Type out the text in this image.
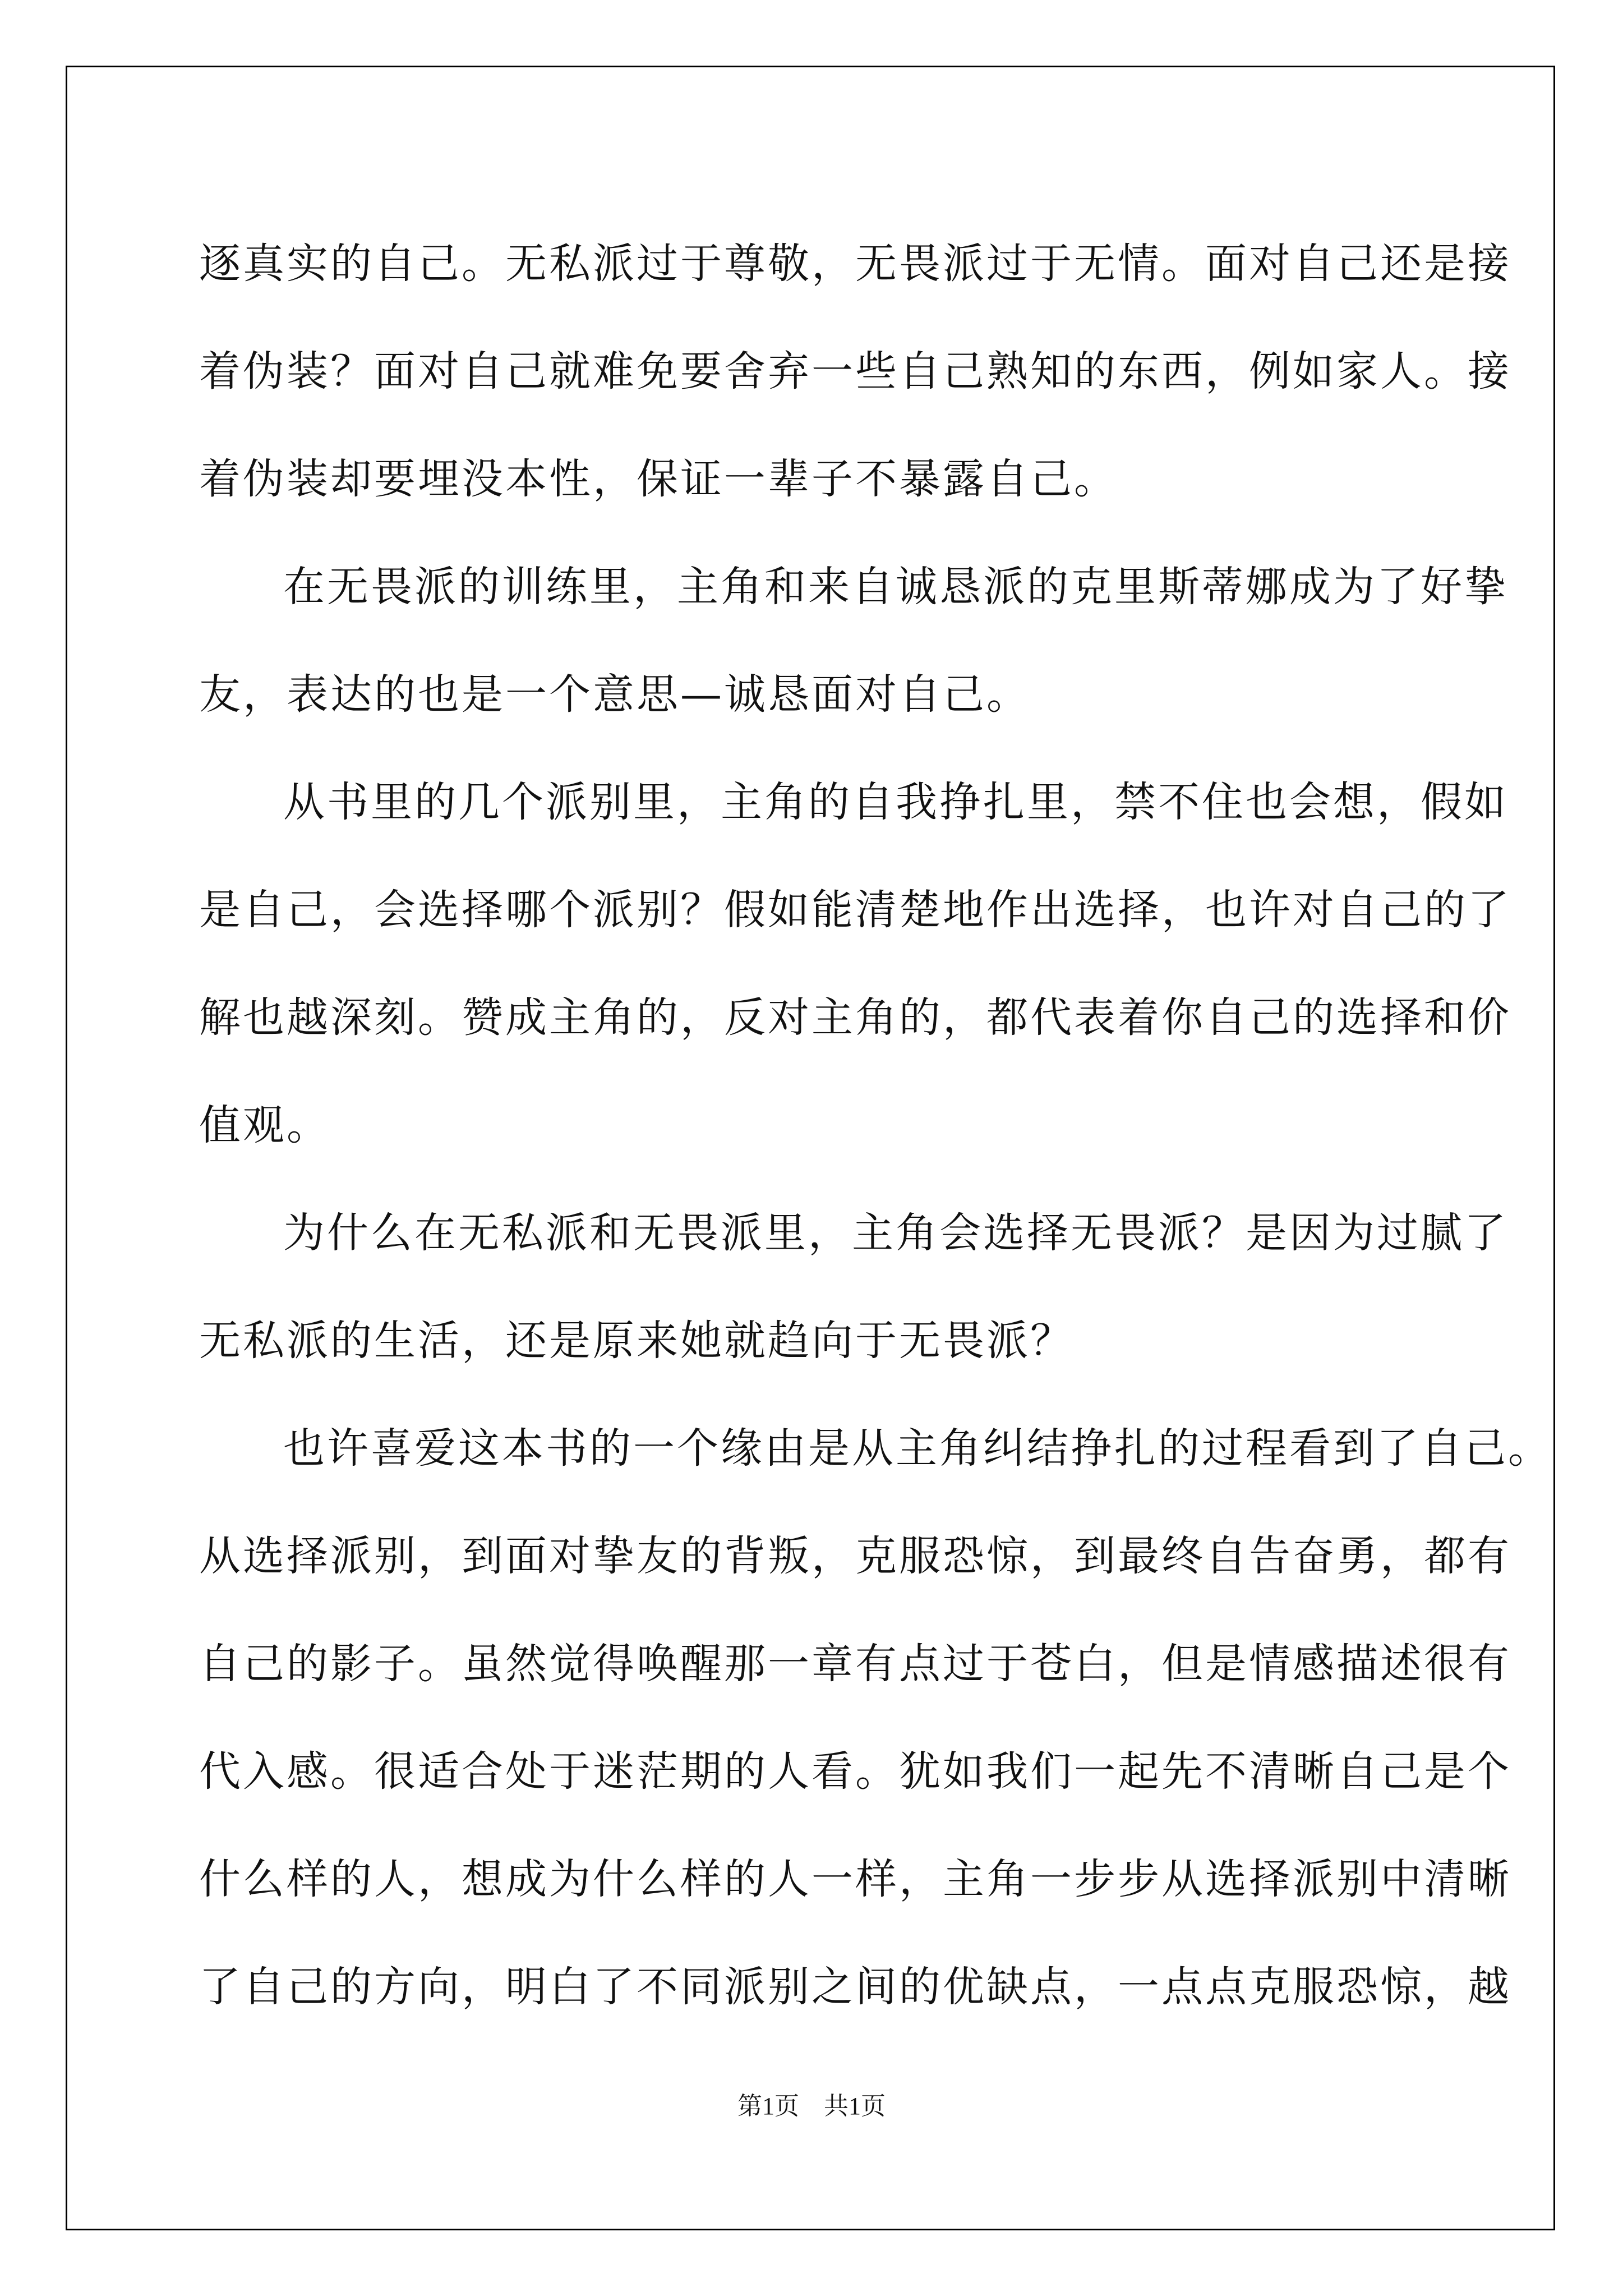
逐真实的自己。无私派过于尊敬，无畏派过于无情。面对自己还是接
着伪装？面对自己就难免要舍弃一些自己熟知的东西，例如家人。接
着伪装却要埋没本性，保证一辈子不暴露自己。
在无畏派的训练里，主角和来自诚恳派的克里斯蒂娜成为了好挚
友，表达的也是一个意思—诚恳面对自己。
从书里的几个派别里，主角的自我挣扎里，禁不住也会想，假如
是自己，会选择哪个派别？假如能清楚地作出选择，也许对自己的了
解也越深刻。赞成主角的，反对主角的，都代表着你自己的选择和价
值观。
为什么在无私派和无畏派里，主角会选择无畏派？是因为过腻了
无私派的生活，还是原来她就趋向于无畏派？
也许喜爱这本书的一个缘由是从主角纠结挣扎的过程看到了自己。
从选择派别，到面对挚友的背叛，克服恐惊，到最终自告奋勇，都有
自己的影子。虽然觉得唤醒那一章有点过于苍白，但是情感描述很有
代入感。很适合处于迷茫期的人看。犹如我们一起先不清晰自己是个
什么样的人，想成为什么样的人一样，主角一步步从选择派别中清晰
了自己的方向，明白了不同派别之间的优缺点，一点点克服恐惊，越
第1页　共1页
